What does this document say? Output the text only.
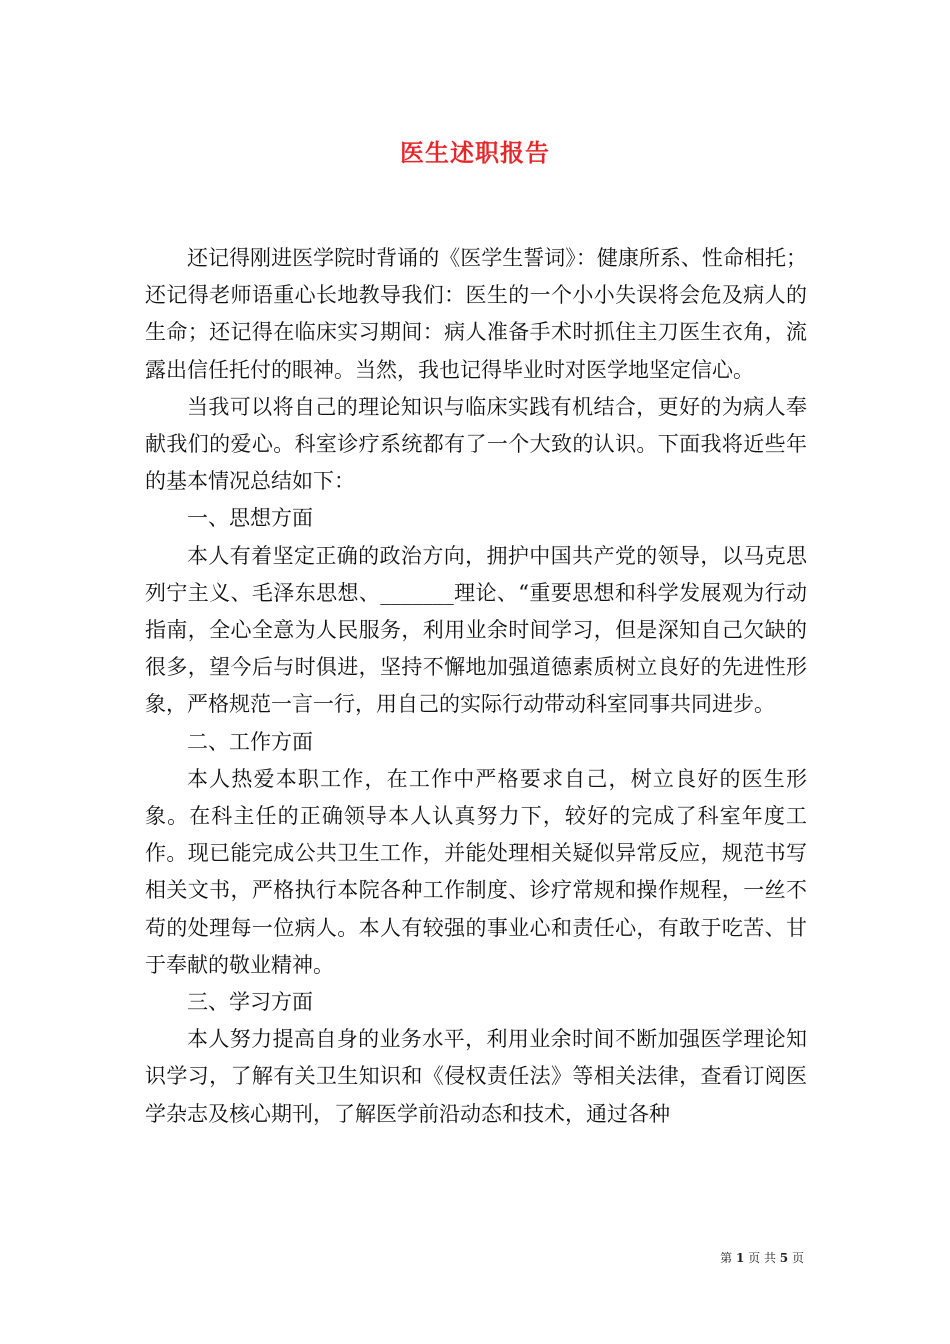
医生述职报告

还记得刚进医学院时背诵的《医学生誓词》：健康所系、性命相托；还记得老师语重心长地教导我们：医生的一个小小失误将会危及病人的生命；还记得在临床实习期间：病人准备手术时抓住主刀医生衣角，流露出信任托付的眼神。当然，我也记得毕业时对医学地坚定信心。

当我可以将自己的理论知识与临床实践有机结合，更好的为病人奉献我们的爱心。科室诊疗系统都有了一个大致的认识。下面我将近些年的基本情况总结如下：

一、思想方面

本人有着坚定正确的政治方向，拥护中国共产党的领导，以马克思列宁主义、毛泽东思想、_______理论、“重要思想和科学发展观为行动指南，全心全意为人民服务，利用业余时间学习，但是深知自己欠缺的很多，望今后与时俱进，坚持不懈地加强道德素质树立良好的先进性形象，严格规范一言一行，用自己的实际行动带动科室同事共同进步。

二、工作方面

本人热爱本职工作，在工作中严格要求自己，树立良好的医生形象。在科主任的正确领导本人认真努力下，较好的完成了科室年度工作。现已能完成公共卫生工作，并能处理相关疑似异常反应，规范书写相关文书，严格执行本院各种工作制度、诊疗常规和操作规程，一丝不苟的处理每一位病人。本人有较强的事业心和责任心，有敢于吃苦、甘于奉献的敬业精神。

三、学习方面

本人努力提高自身的业务水平，利用业余时间不断加强医学理论知识学习，了解有关卫生知识和《侵权责任法》等相关法律，查看订阅医学杂志及核心期刊，了解医学前沿动态和技术，通过各种

第 1 页 共 5 页
